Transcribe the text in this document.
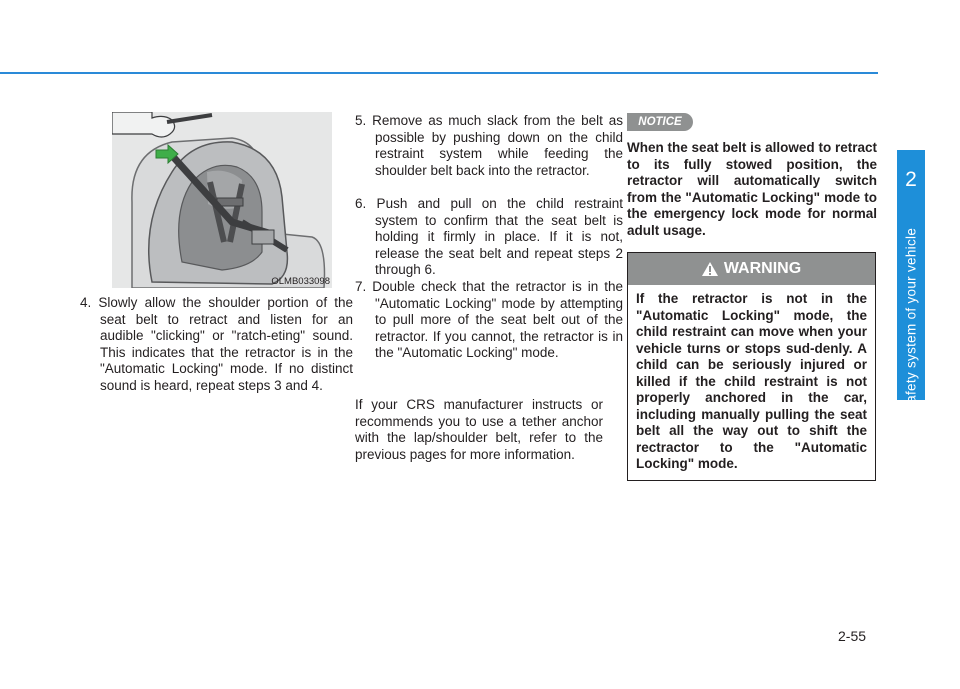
2
Safety system of your vehicle
OLMB033098
4. Slowly allow the shoulder portion of the seat belt to retract and listen for an audible "clicking" or "ratch-eting" sound. This indicates that the retractor is in the "Automatic Locking" mode. If no distinct sound is heard, repeat steps 3 and 4.
5. Remove as much slack from the belt as possible by pushing down on the child restraint system while feeding the shoulder belt back into the retractor.
6. Push and pull on the child restraint system to confirm that the seat belt is holding it firmly in place. If it is not, release the seat belt and repeat steps 2 through 6.
7. Double check that the retractor is in the "Automatic Locking" mode by attempting to pull more of the seat belt out of the retractor. If you cannot, the retractor is in the "Automatic Locking" mode.
If your CRS manufacturer instructs or recommends you to use a tether anchor with the lap/shoulder belt, refer to the previous pages for more information.
NOTICE
When the seat belt is allowed to retract to its fully stowed position, the retractor will automatically switch from the "Automatic Locking" mode to the emergency lock mode for normal adult usage.
WARNING
If the retractor is not in the "Automatic Locking" mode, the child restraint can move when your vehicle turns or stops sud-denly. A child can be seriously injured or killed if the child restraint is not properly anchored in the car, including manually pulling the seat belt all the way out to shift the rectractor to the "Automatic Locking" mode.
2-55
